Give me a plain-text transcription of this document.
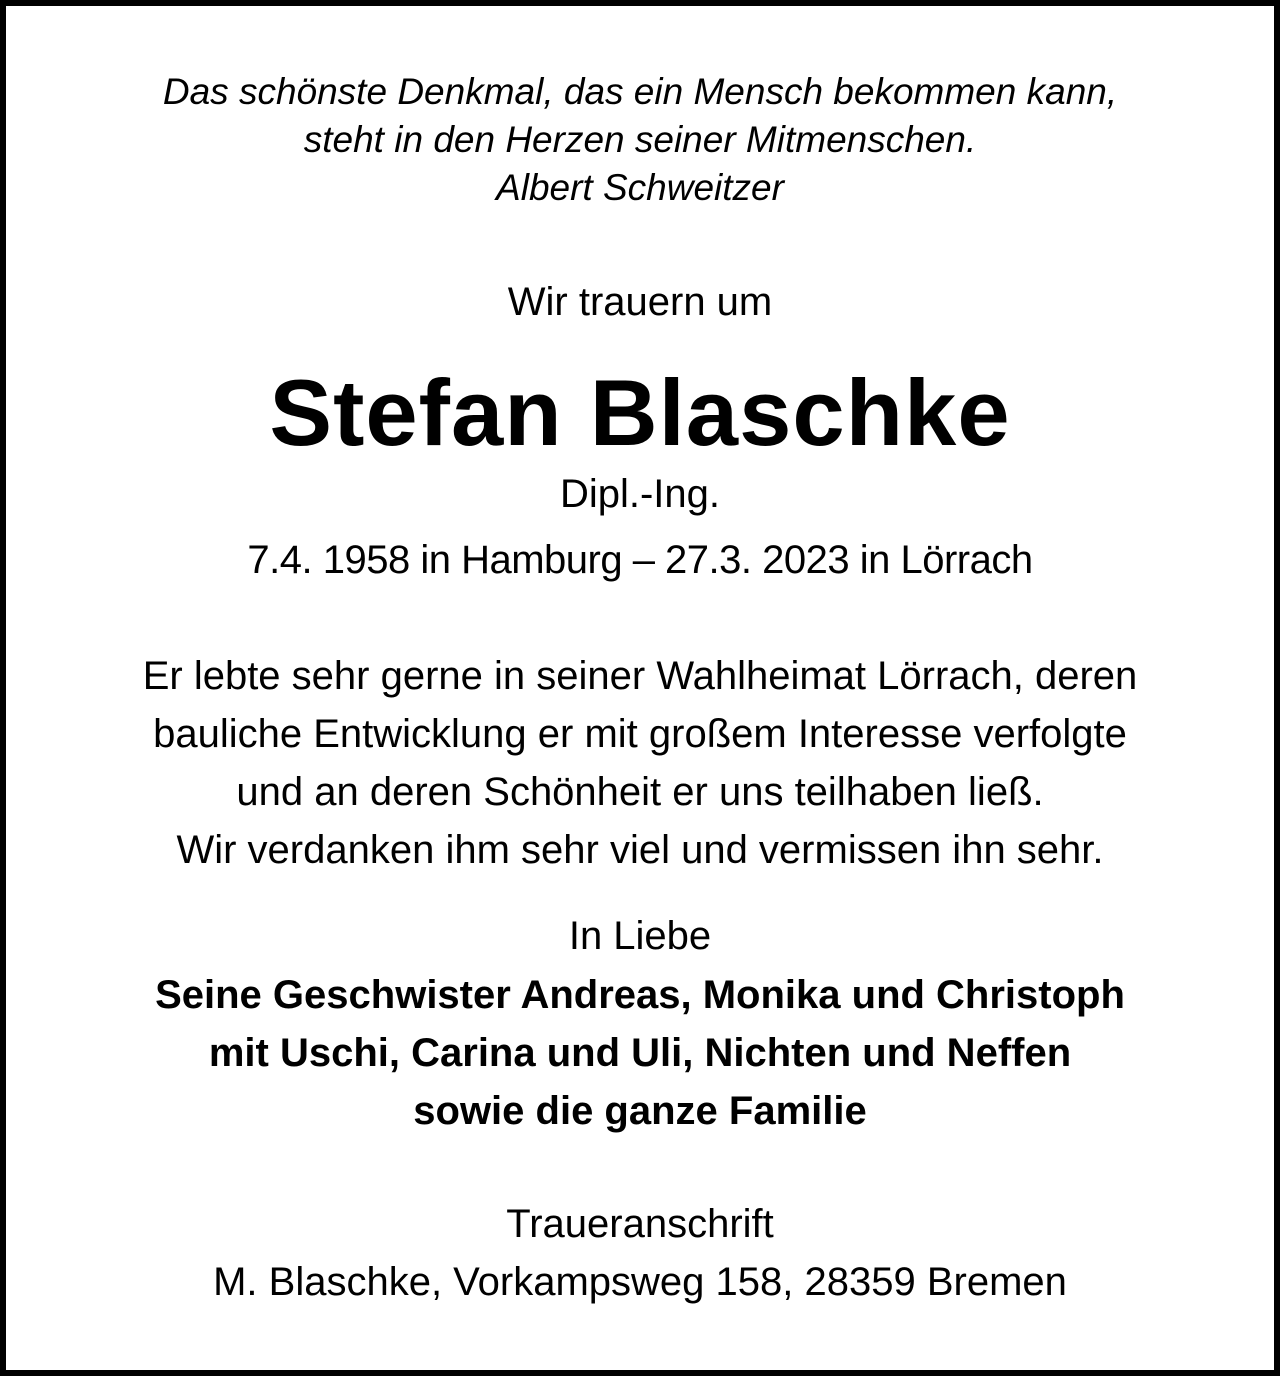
Das schönste Denkmal, das ein Mensch bekommen kann,
steht in den Herzen seiner Mitmenschen.
Albert Schweitzer
Wir trauern um
Stefan Blaschke
Dipl.-Ing.
7.4. 1958 in Hamburg – 27.3. 2023 in Lörrach
Er lebte sehr gerne in seiner Wahlheimat Lörrach, deren
bauliche Entwicklung er mit großem Interesse verfolgte
und an deren Schönheit er uns teilhaben ließ.
Wir verdanken ihm sehr viel und vermissen ihn sehr.
In Liebe
Seine Geschwister Andreas, Monika und Christoph
mit Uschi, Carina und Uli, Nichten und Neffen
sowie die ganze Familie
Traueranschrift
M. Blaschke, Vorkampsweg 158, 28359 Bremen
